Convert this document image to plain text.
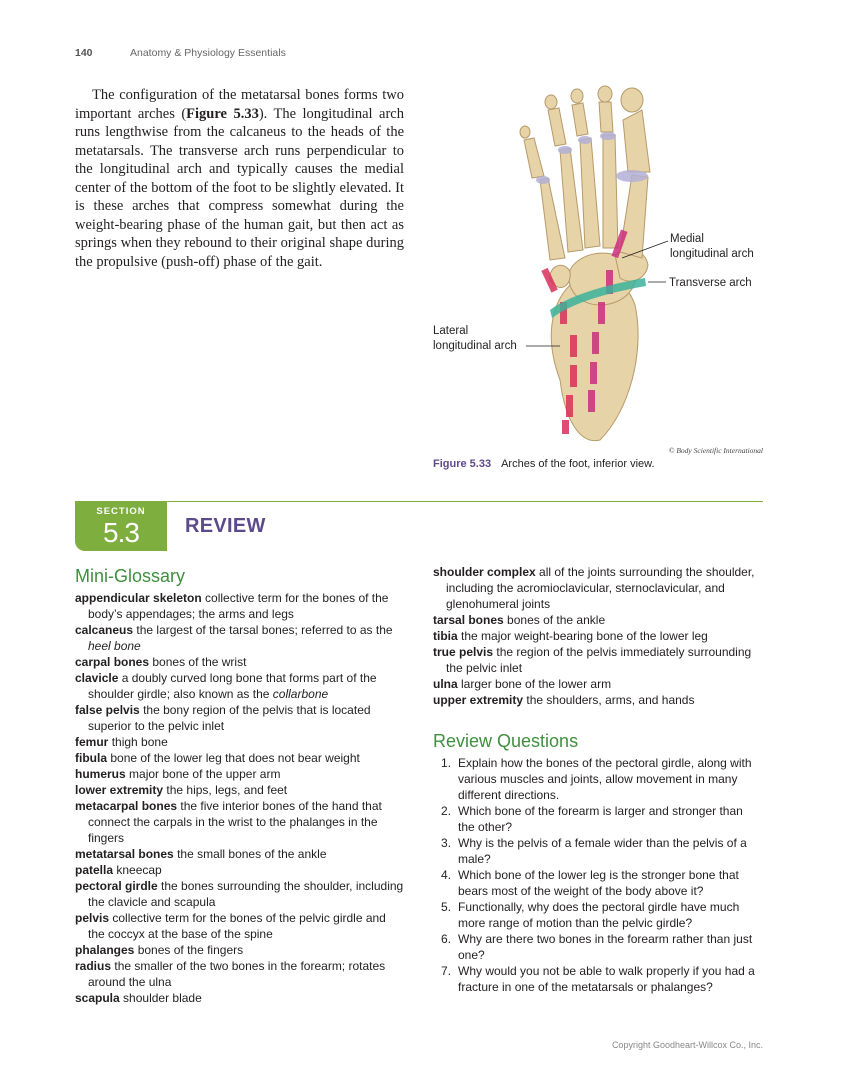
140	Anatomy & Physiology Essentials
The configuration of the metatarsal bones forms two important arches (Figure 5.33). The longitudinal arch runs lengthwise from the calcaneus to the heads of the metatarsals. The transverse arch runs perpendicular to the longitudinal arch and typically causes the medial center of the bottom of the foot to be slightly elevated. It is these arches that compress somewhat during the weight-bearing phase of the human gait, but then act as springs when they rebound to their original shape during the propulsive (push-off) phase of the gait.
Medial
longitudinal arch
Transverse arch
Lateral
longitudinal arch
© Body Scientific International
Figure 5.33 Arches of the foot, inferior view.
SECTION
5.3	REVIEW
Mini-Glossary

appendicular skeleton collective term for the bones of the body’s appendages; the arms and legs

calcaneus the largest of the tarsal bones; referred to as the heel bone

carpal bones bones of the wrist

clavicle a doubly curved long bone that forms part of the shoulder girdle; also known as the collarbone

false pelvis the bony region of the pelvis that is located superior to the pelvic inlet

femur thigh bone

fibula bone of the lower leg that does not bear weight

humerus major bone of the upper arm

lower extremity the hips, legs, and feet

metacarpal bones the five interior bones of the hand that connect the carpals in the wrist to the phalanges in the fingers

metatarsal bones the small bones of the ankle

patella kneecap

pectoral girdle the bones surrounding the shoulder, including the clavicle and scapula

pelvis collective term for the bones of the pelvic girdle and the coccyx at the base of the spine

phalanges bones of the fingers

radius the smaller of the two bones in the forearm; rotates around the ulna

scapula shoulder blade

shoulder complex all of the joints surrounding the shoulder, including the acromioclavicular, sternoclavicular, and glenohumeral joints

tarsal bones bones of the ankle

tibia the major weight-bearing bone of the lower leg

true pelvis the region of the pelvis immediately surrounding the pelvic inlet

ulna larger bone of the lower arm

upper extremity the shoulders, arms, and hands

Review Questions
1. Explain how the bones of the pectoral girdle, along with various muscles and joints, allow movement in many different directions.
2. Which bone of the forearm is larger and stronger than the other?
3. Why is the pelvis of a female wider than the pelvis of a male?
4. Which bone of the lower leg is the stronger bone that bears most of the weight of the body above it?
5. Functionally, why does the pectoral girdle have much more range of motion than the pelvic girdle?
6. Why are there two bones in the forearm rather than just one?
7. Why would you not be able to walk properly if you had a fracture in one of the metatarsals or phalanges?
Copyright Goodheart-Willcox Co., Inc.
